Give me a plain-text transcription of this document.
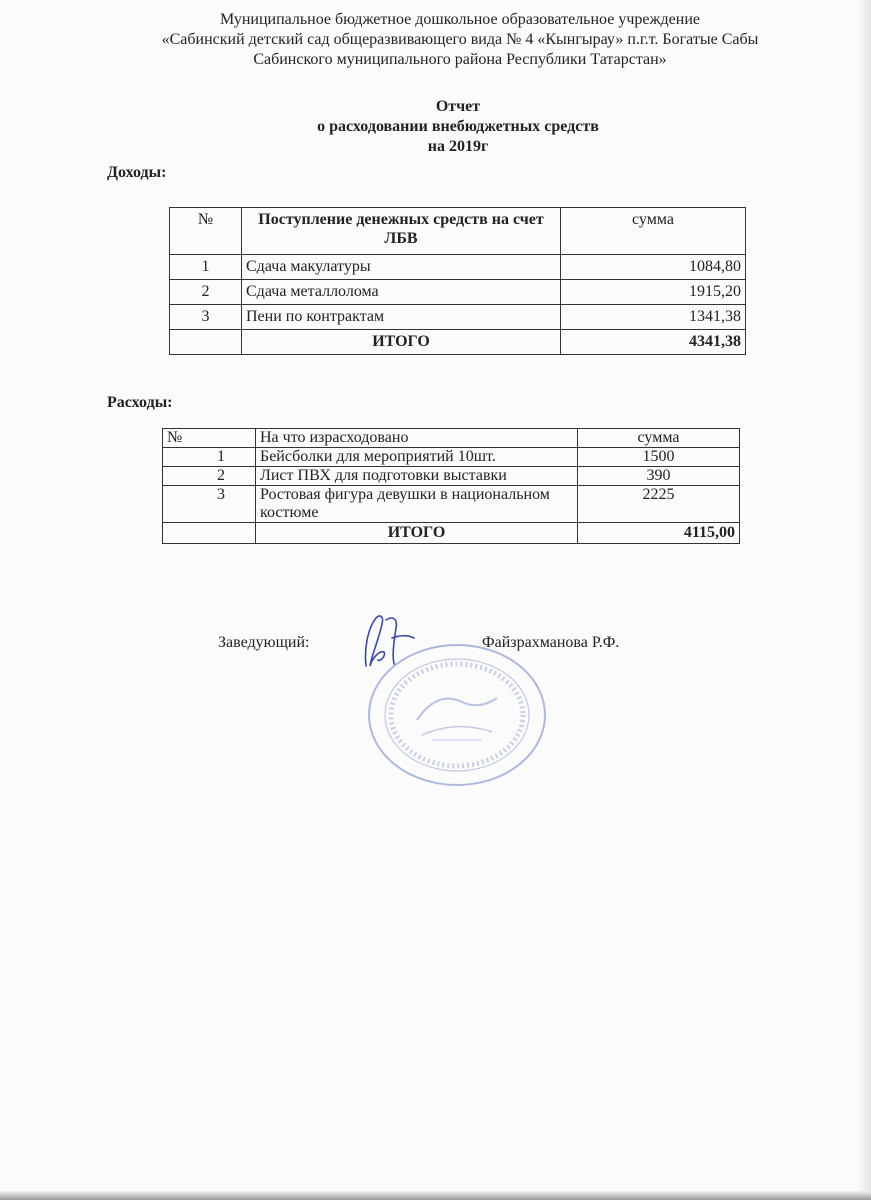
Муниципальное бюджетное дошкольное образовательное учреждение
«Сабинский детский сад общеразвивающего вида № 4 «Кынгырау» п.г.т. Богатые Сабы
Сабинского муниципального района Республики Татарстан»
Отчет
о расходовании внебюджетных средств
на 2019г
Доходы:
№	Поступление денежных средств на счет ЛБВ	сумма
1	Сдача макулатуры	1084,80
2	Сдача металлолома	1915,20
3	Пени по контрактам	1341,38
	ИТОГО	4341,38
Расходы:
№	На что израсходовано	сумма
1	Бейсболки для мероприятий 10шт.	1500
2	Лист ПВХ для подготовки выставки	390
3	Ростовая фигура девушки в национальном костюме	2225
	ИТОГО	4115,00
Заведующий:	Файзрахманова Р.Ф.
